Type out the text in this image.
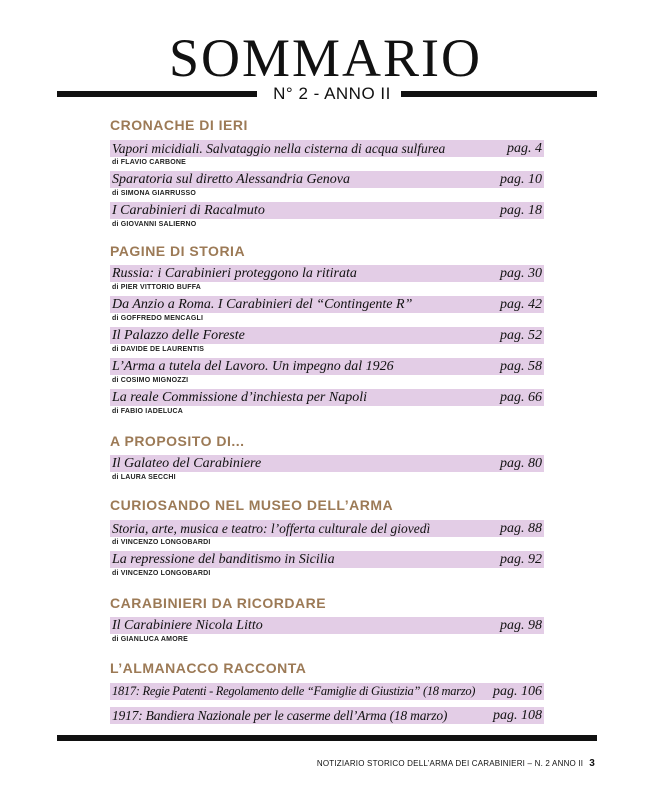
SOMMARIO
N° 2 - ANNO II
CRONACHE DI IERI
Vapori micidiali. Salvataggio nella cisterna di acqua sulfurea	pag. 4
di FLAVIO CARBONE
Sparatoria sul diretto Alessandria Genova	pag. 10
di SIMONA GIARRUSSO
I Carabinieri di Racalmuto	pag. 18
di GIOVANNI SALIERNO
PAGINE DI STORIA
Russia: i Carabinieri proteggono la ritirata	pag. 30
di PIER VITTORIO BUFFA
Da Anzio a Roma. I Carabinieri del “Contingente R”	pag. 42
di GOFFREDO MENCAGLI
Il Palazzo delle Foreste	pag. 52
di DAVIDE DE LAURENTIS
L’Arma a tutela del Lavoro. Un impegno dal 1926	pag. 58
di COSIMO MIGNOZZI
La reale Commissione d’inchiesta per Napoli	pag. 66
di FABIO IADELUCA
A PROPOSITO DI...
Il Galateo del Carabiniere	pag. 80
di LAURA SECCHI
CURIOSANDO NEL MUSEO DELL’ARMA
Storia, arte, musica e teatro: l’offerta culturale del giovedì	pag. 88
di VINCENZO LONGOBARDI
La repressione del banditismo in Sicilia	pag. 92
di VINCENZO LONGOBARDI
CARABINIERI DA RICORDARE
Il Carabiniere Nicola Litto	pag. 98
di GIANLUCA AMORE
L’ALMANACCO RACCONTA
1817: Regie Patenti - Regolamento delle “Famiglie di Giustizia” (18 marzo) pag. 106
1917: Bandiera Nazionale per le caserme dell’Arma (18 marzo)	pag. 108
NOTIZIARIO STORICO DELL’ARMA DEI CARABINIERI – N. 2 ANNO II 3
